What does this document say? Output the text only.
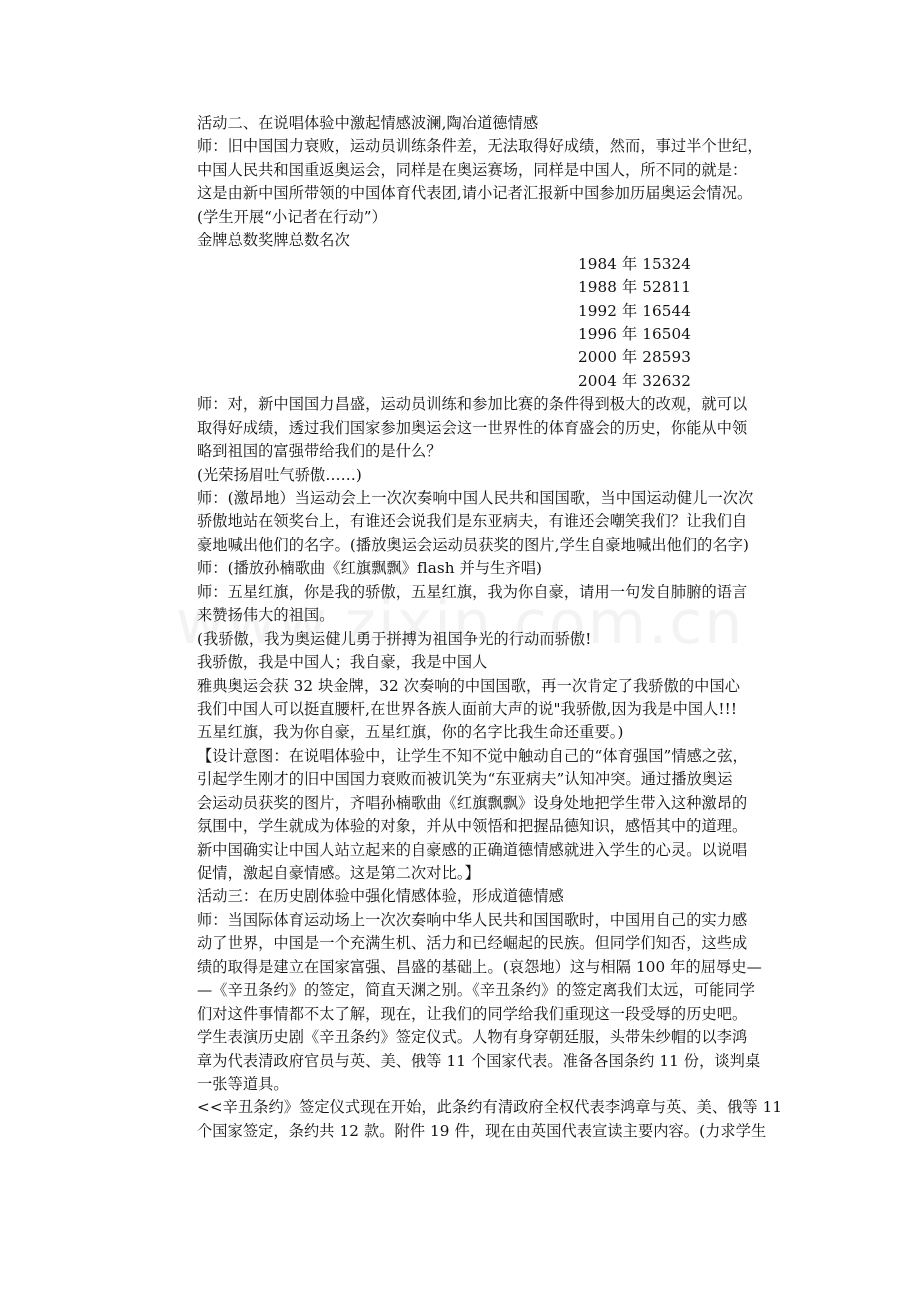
活动二、在说唱体验中激起情感波澜,陶冶道德情感
师：旧中国国力衰败，运动员训练条件差，无法取得好成绩，然而，事过半个世纪，
中国人民共和国重返奥运会，同样是在奥运赛场，同样是中国人，所不同的就是：
这是由新中国所带领的中国体育代表团,请小记者汇报新中国参加历届奥运会情况。
(学生开展“小记者在行动”）
金牌总数奖牌总数名次
1984 年 15324
1988 年 52811
1992 年 16544
1996 年 16504
2000 年 28593
2004 年 32632
师：对，新中国国力昌盛，运动员训练和参加比赛的条件得到极大的改观，就可以
取得好成绩，透过我们国家参加奥运会这一世界性的体育盛会的历史，你能从中领
略到祖国的富强带给我们的是什么？
(光荣扬眉吐气骄傲……)
师：(激昂地）当运动会上一次次奏响中国人民共和国国歌，当中国运动健儿一次次
骄傲地站在领奖台上，有谁还会说我们是东亚病夫，有谁还会嘲笑我们？让我们自
豪地喊出他们的名字。(播放奥运会运动员获奖的图片,学生自豪地喊出他们的名字)
师：(播放孙楠歌曲《红旗飘飘》flash 并与生齐唱)
师：五星红旗，你是我的骄傲，五星红旗，我为你自豪，请用一句发自肺腑的语言
来赞扬伟大的祖国。
(我骄傲，我为奥运健儿勇于拼搏为祖国争光的行动而骄傲!
我骄傲，我是中国人；我自豪，我是中国人
雅典奥运会获 32 块金牌，32 次奏响的中国国歌，再一次肯定了我骄傲的中国心
我们中国人可以挺直腰杆,在世界各族人面前大声的说"我骄傲,因为我是中国人!!!
五星红旗，我为你自豪，五星红旗，你的名字比我生命还重要。)
【设计意图：在说唱体验中，让学生不知不觉中触动自己的“体育强国”情感之弦，
引起学生刚才的旧中国国力衰败而被讥笑为“东亚病夫”认知冲突。通过播放奥运
会运动员获奖的图片，齐唱孙楠歌曲《红旗飘飘》设身处地把学生带入这种激昂的
氛围中，学生就成为体验的对象，并从中领悟和把握品德知识，感悟其中的道理。
新中国确实让中国人站立起来的自豪感的正确道德情感就进入学生的心灵。以说唱
促情，激起自豪情感。这是第二次对比。】
活动三：在历史剧体验中强化情感体验，形成道德情感
师：当国际体育运动场上一次次奏响中华人民共和国国歌时，中国用自己的实力感
动了世界，中国是一个充满生机、活力和已经崛起的民族。但同学们知否，这些成
绩的取得是建立在国家富强、昌盛的基础上。(哀怨地）这与相隔 100 年的屈辱史—
—《辛丑条约》的签定，简直天渊之别。《辛丑条约》的签定离我们太远，可能同学
们对这件事情都不太了解，现在，让我们的同学给我们重现这一段受辱的历史吧。
学生表演历史剧《辛丑条约》签定仪式。人物有身穿朝廷服，头带朱纱帽的以李鸿
章为代表清政府官员与英、美、俄等 11 个国家代表。准备各国条约 11 份，谈判桌
一张等道具。
<<辛丑条约》签定仪式现在开始，此条约有清政府全权代表李鸿章与英、美、俄等 11
个国家签定，条约共 12 款。附件 19 件，现在由英国代表宣读主要内容。(力求学生
